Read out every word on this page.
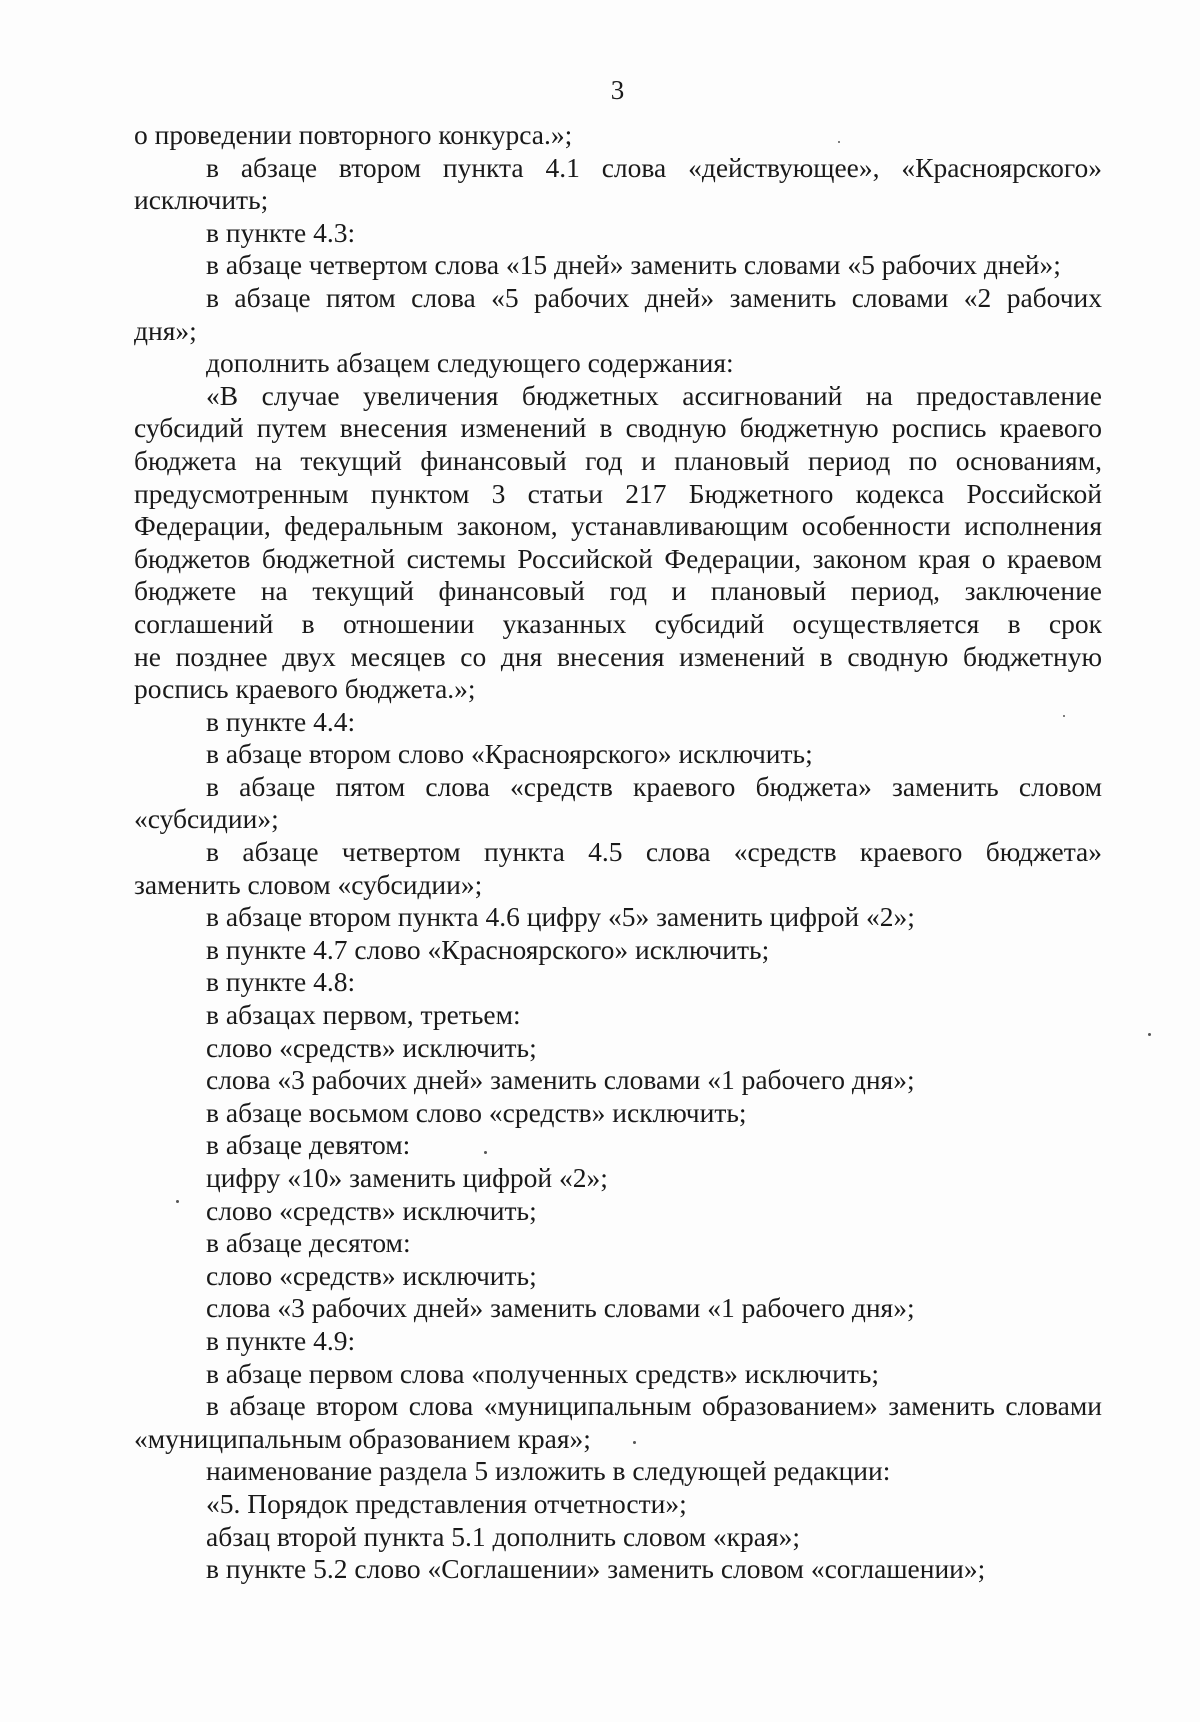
3
о проведении повторного конкурса.»;
в абзаце втором пункта 4.1 слова «действующее», «Красноярского»
исключить;
в пункте 4.3:
в абзаце четвертом слова «15 дней» заменить словами «5 рабочих дней»;
в абзаце пятом слова «5 рабочих дней» заменить словами «2 рабочих
дня»;
дополнить абзацем следующего содержания:
«В случае увеличения бюджетных ассигнований на предоставление
субсидий путем внесения изменений в сводную бюджетную роспись краевого
бюджета на текущий финансовый год и плановый период по основаниям,
предусмотренным пунктом 3 статьи 217 Бюджетного кодекса Российской
Федерации, федеральным законом, устанавливающим особенности исполнения
бюджетов бюджетной системы Российской Федерации, законом края о краевом
бюджете на текущий финансовый год и плановый период, заключение
соглашений в отношении указанных субсидий осуществляется в срок
не позднее двух месяцев со дня внесения изменений в сводную бюджетную
роспись краевого бюджета.»;
в пункте 4.4:
в абзаце втором слово «Красноярского» исключить;
в абзаце пятом слова «средств краевого бюджета» заменить словом
«субсидии»;
в абзаце четвертом пункта 4.5 слова «средств краевого бюджета»
заменить словом «субсидии»;
в абзаце втором пункта 4.6 цифру «5» заменить цифрой «2»;
в пункте 4.7 слово «Красноярского» исключить;
в пункте 4.8:
в абзацах первом, третьем:
слово «средств» исключить;
слова «3 рабочих дней» заменить словами «1 рабочего дня»;
в абзаце восьмом слово «средств» исключить;
в абзаце девятом:
цифру «10» заменить цифрой «2»;
слово «средств» исключить;
в абзаце десятом:
слово «средств» исключить;
слова «3 рабочих дней» заменить словами «1 рабочего дня»;
в пункте 4.9:
в абзаце первом слова «полученных средств» исключить;
в абзаце втором слова «муниципальным образованием» заменить словами
«муниципальным образованием края»;
наименование раздела 5 изложить в следующей редакции:
«5. Порядок представления отчетности»;
абзац второй пункта 5.1 дополнить словом «края»;
в пункте 5.2 слово «Соглашении» заменить словом «соглашении»;
